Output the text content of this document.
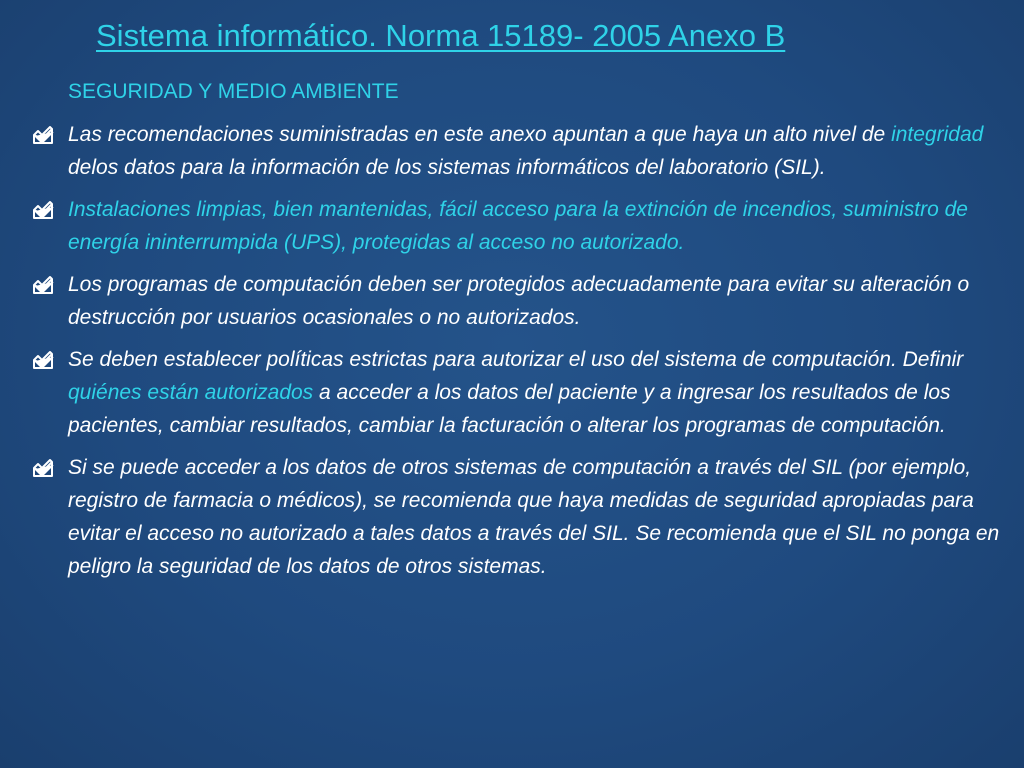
Sistema informático. Norma 15189- 2005 Anexo B

SEGURIDAD Y MEDIO AMBIENTE

Las recomendaciones suministradas en este anexo apuntan a que haya un alto nivel de integridad delos datos para la información de los sistemas informáticos del laboratorio (SIL).
Instalaciones limpias, bien mantenidas, fácil acceso para la extinción de incendios, suministro de energía ininterrumpida (UPS), protegidas al acceso no autorizado.
Los programas de computación deben ser protegidos adecuadamente para evitar su alteración o destrucción por usuarios ocasionales o no autorizados.
Se deben establecer políticas estrictas para autorizar el uso del sistema de computación. Definir quiénes están autorizados a acceder a los datos del paciente y a ingresar los resultados de los pacientes, cambiar resultados, cambiar la facturación o alterar los programas de computación.
Si se puede acceder a los datos de otros sistemas de computación a través del SIL (por ejemplo, registro de farmacia o médicos), se recomienda que haya medidas de seguridad apropiadas para evitar el acceso no autorizado a tales datos a través del SIL. Se recomienda que el SIL no ponga en peligro la seguridad de los datos de otros sistemas.
